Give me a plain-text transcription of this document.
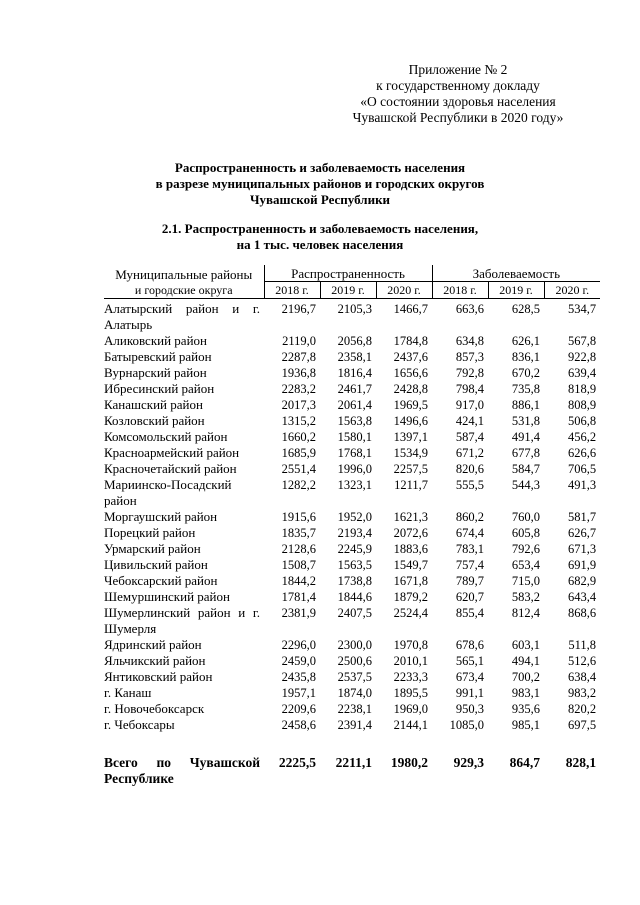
Приложение № 2
к государственному докладу
«О состоянии здоровья населения
Чувашской Республики в 2020 году»
Распространенность и заболеваемость населения
в разрезе муниципальных районов и городских округов
Чувашской Республики
2.1. Распространенность и заболеваемость населения,
на 1 тыс. человек населения
Муниципальные районы	Распространенность			Заболеваемость		
и городские округа	2018 г.	2019 г.	2020 г.	2018 г.	2019 г.	2020 г.
Алатырский район и г. Алатырь	2196,7	2105,3	1466,7	663,6	628,5	534,7
Аликовский район	2119,0	2056,8	1784,8	634,8	626,1	567,8
Батыревский район	2287,8	2358,1	2437,6	857,3	836,1	922,8
Вурнарский район	1936,8	1816,4	1656,6	792,8	670,2	639,4
Ибресинский район	2283,2	2461,7	2428,8	798,4	735,8	818,9
Канашский район	2017,3	2061,4	1969,5	917,0	886,1	808,9
Козловский район	1315,2	1563,8	1496,6	424,1	531,8	506,8
Комсомольский район	1660,2	1580,1	1397,1	587,4	491,4	456,2
Красноармейский район	1685,9	1768,1	1534,9	671,2	677,8	626,6
Красночетайский район	2551,4	1996,0	2257,5	820,6	584,7	706,5
Мариинско-Посадский район	1282,2	1323,1	1211,7	555,5	544,3	491,3
Моргаушский район	1915,6	1952,0	1621,3	860,2	760,0	581,7
Порецкий район	1835,7	2193,4	2072,6	674,4	605,8	626,7
Урмарский район	2128,6	2245,9	1883,6	783,1	792,6	671,3
Цивильский район	1508,7	1563,5	1549,7	757,4	653,4	691,9
Чебоксарский район	1844,2	1738,8	1671,8	789,7	715,0	682,9
Шемуршинский район	1781,4	1844,6	1879,2	620,7	583,2	643,4
Шумерлинский район и г. Шумерля	2381,9	2407,5	2524,4	855,4	812,4	868,6
Ядринский район	2296,0	2300,0	1970,8	678,6	603,1	511,8
Яльчикский район	2459,0	2500,6	2010,1	565,1	494,1	512,6
Янтиковский район	2435,8	2537,5	2233,3	673,4	700,2	638,4
г. Канаш	1957,1	1874,0	1895,5	991,1	983,1	983,2
г. Новочебоксарск	2209,6	2238,1	1969,0	950,3	935,6	820,2
г. Чебоксары	2458,6	2391,4	2144,1	1085,0	985,1	697,5

Всего по Чувашской Республике	2225,5	2211,1	1980,2	929,3	864,7	828,1
